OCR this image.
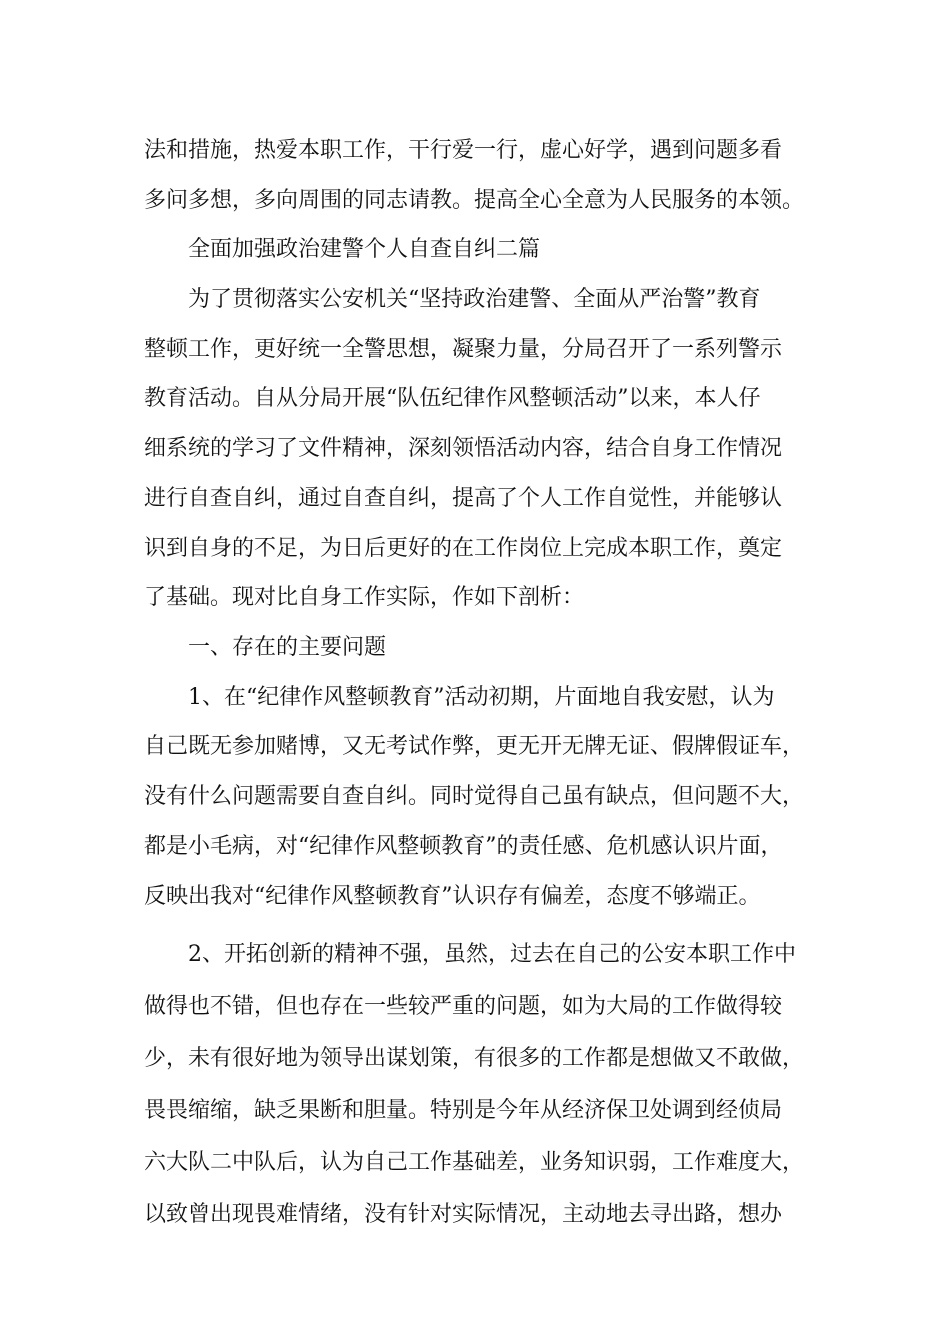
法和措施，热爱本职工作，干行爱一行，虚心好学，遇到问题多看
多问多想，多向周围的同志请教。提高全心全意为人民服务的本领。
全面加强政治建警个人自查自纠二篇
为了贯彻落实公安机关“坚持政治建警、全面从严治警”教育
整顿工作，更好统一全警思想，凝聚力量，分局召开了一系列警示
教育活动。自从分局开展“队伍纪律作风整顿活动”以来，本人仔
细系统的学习了文件精神，深刻领悟活动内容，结合自身工作情况
进行自查自纠，通过自查自纠，提高了个人工作自觉性，并能够认
识到自身的不足，为日后更好的在工作岗位上完成本职工作，奠定
了基础。现对比自身工作实际，作如下剖析：
一、存在的主要问题
1、在“纪律作风整顿教育”活动初期，片面地自我安慰，认为
自己既无参加赌博，又无考试作弊，更无开无牌无证、假牌假证车，
没有什么问题需要自查自纠。同时觉得自己虽有缺点，但问题不大，
都是小毛病，对“纪律作风整顿教育”的责任感、危机感认识片面，
反映出我对“纪律作风整顿教育”认识存有偏差，态度不够端正。
2、开拓创新的精神不强，虽然，过去在自己的公安本职工作中
做得也不错，但也存在一些较严重的问题，如为大局的工作做得较
少，未有很好地为领导出谋划策，有很多的工作都是想做又不敢做，
畏畏缩缩，缺乏果断和胆量。特别是今年从经济保卫处调到经侦局
六大队二中队后，认为自己工作基础差，业务知识弱，工作难度大，
以致曾出现畏难情绪，没有针对实际情况，主动地去寻出路，想办
